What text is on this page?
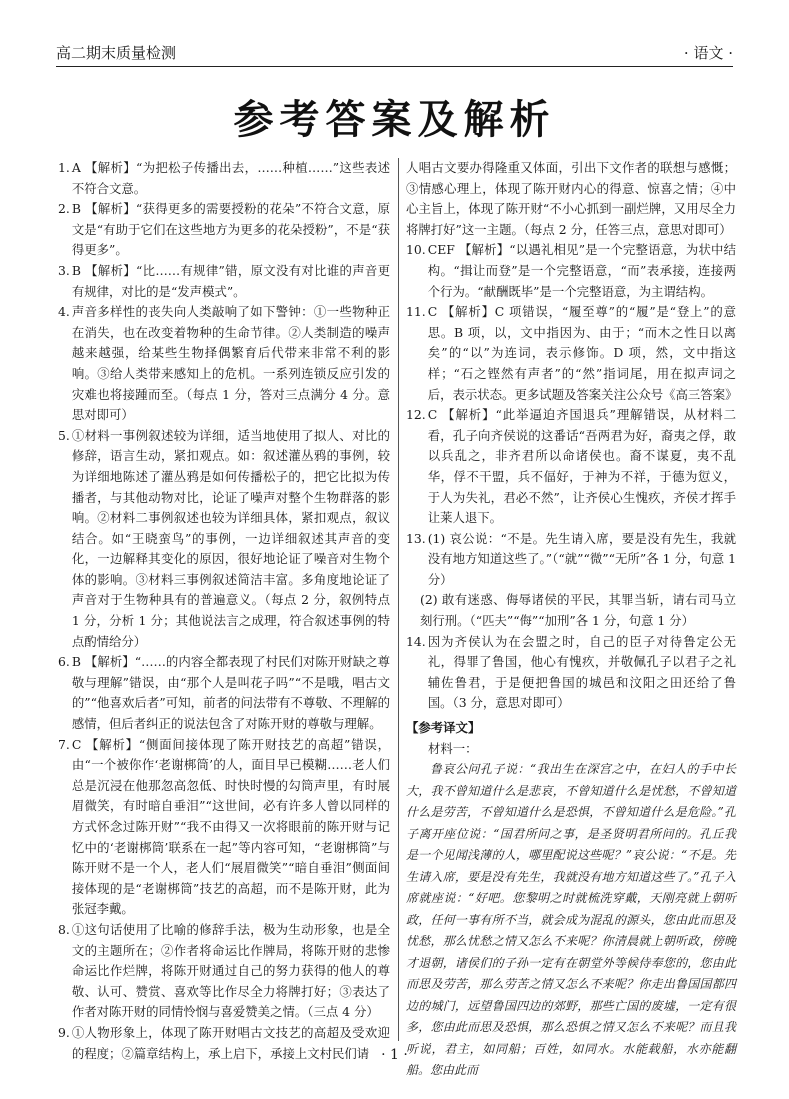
高二期末质量检测	· 语文 ·
参考答案及解析
1. A 【解析】“为把松子传播出去，……种植……”这些表述不符合文意。
2. B 【解析】“获得更多的需要授粉的花朵”不符合文意，原文是“有助于它们在这些地方为更多的花朵授粉”，不是“获得更多”。
3. B 【解析】“比……有规律”错，原文没有对比谁的声音更有规律，对比的是“发声模式”。
4. 声音多样性的丧失向人类敲响了如下警钟：①一些物种正在消失，也在改变着物种的生命节律。②人类制造的噪声越来越强，给某些生物择偶繁育后代带来非常不利的影响。③给人类带来感知上的危机。一系列连锁反应引发的灾难也将接踵而至。（每点 1 分，答对三点满分 4 分。意思对即可）
5. ①材料一事例叙述较为详细，适当地使用了拟人、对比的修辞，语言生动，紧扣观点。如：叙述灌丛鸦的事例，较为详细地陈述了灌丛鸦是如何传播松子的，把它比拟为传播者，与其他动物对比，论证了噪声对整个生物群落的影响。②材料二事例叙述也较为详细具体，紧扣观点，叙议结合。如“王晓蛮鸟”的事例，一边详细叙述其声音的变化，一边解释其变化的原因，很好地论证了噪音对生物个体的影响。③材料三事例叙述简洁丰富。多角度地论证了声音对于生物种具有的普遍意义。（每点 2 分，叙例特点 1 分，分析 1 分；其他说法言之成理，符合叙述事例的特点酌情给分）
6. B 【解析】“……的内容全都表现了村民们对陈开财缺之尊敬与理解”错误，由“那个人是叫花子吗”“不是哦，唱古文的”“他喜欢后者”可知，前者的问法带有不尊敬、不理解的感情，但后者纠正的说法包含了对陈开财的尊敬与理解。
7. C 【解析】“侧面间接体现了陈开财技艺的高超”错误，由“一个被你作‘老谢梆筒’的人，面目早已模糊……老人们总是沉浸在他那忽高忽低、时快时慢的勾筒声里，有时展眉微笑，有时暗自垂泪”“这世间，必有许多人曾以同样的方式怀念过陈开财”“我不由得又一次将眼前的陈开财与记忆中的‘老谢梆筒’联系在一起”等内容可知，“老谢梆筒”与陈开财不是一个人，老人们“展眉微笑”“暗自垂泪”侧面间接体现的是“老谢梆筒”技艺的高超，而不是陈开财，此为张冠李戴。
8. ①这句话使用了比喻的修辞手法，极为生动形象，也是全文的主题所在；②作者将命运比作牌局，将陈开财的悲惨命运比作烂牌，将陈开财通过自己的努力获得的他人的尊敬、认可、赞赏、喜欢等比作尽全力将牌打好；③表达了作者对陈开财的同情怜悯与喜爱赞美之情。（三点 4 分）
9. ①人物形象上，体现了陈开财唱古文技艺的高超及受欢迎的程度；②篇章结构上，承上启下，承接上文村民们请
人唱古文要办得隆重又体面，引出下文作者的联想与感慨；③情感心理上，体现了陈开财内心的得意、惊喜之情；④中心主旨上，体现了陈开财“不小心抓到一副烂牌，又用尽全力将牌打好”这一主题。（每点 2 分，任答三点，意思对即可）
10. CEF 【解析】“以遇礼相见”是一个完整语意，为状中结构。“揖让而登”是一个完整语意，“而”表承接，连接两个行为。“献酬既毕”是一个完整语意，为主谓结构。
11. C 【解析】C 项错误，“履至尊”的“履”是“登上”的意思。B 项，以，文中指因为、由于；“而木之性日以离矣”的“以”为连词，表示修饰。D 项，然，文中指这样；“石之铿然有声者”的“然”指词尾，用在拟声词之后，表示状态。更多试题及答案关注公众号《高三答案》
12. C 【解析】“此举逼迫齐国退兵”理解错误，从材料二看，孔子向齐侯说的这番话“吾两君为好，裔夷之俘，敢以兵乱之，非齐君所以命诸侯也。裔不谋夏，夷不乱华，俘不干盟，兵不偪好，于神为不祥，于德为愆义，于人为失礼，君必不然”，让齐侯心生愧疚，齐侯才挥手让莱人退下。
13. (1) 哀公说：“不是。先生请入席，要是没有先生，我就没有地方知道这些了。”（“就”“微”“无所”各 1 分，句意 1 分）
(2) 敢有迷惑、侮辱诸侯的平民，其罪当斩，请右司马立刻行刑。（“匹夫”“侮”“加刑”各 1 分，句意 1 分）
14. 因为齐侯认为在会盟之时，自己的臣子对待鲁定公无礼，得罪了鲁国，他心有愧疚，并敬佩孔子以君子之礼辅佐鲁君，于是便把鲁国的城邑和汶阳之田还给了鲁国。（3 分，意思对即可）
【参考译文】
材料一：
鲁哀公问孔子说：“我出生在深宫之中，在妇人的手中长大，我不曾知道什么是悲哀，不曾知道什么是忧愁，不曾知道什么是劳苦，不曾知道什么是恐惧，不曾知道什么是危险。”孔子离开座位说：“国君所问之事，是圣贤明君所问的。孔丘我是一个见闻浅薄的人，哪里配说这些呢？”哀公说：“不是。先生请入席，要是没有先生，我就没有地方知道这些了。”孔子入席就座说：“好吧。您黎明之时就梳洗穿戴，天刚亮就上朝听政，任何一事有所不当，就会成为混乱的源头，您由此而思及忧愁，那么忧愁之情又怎么不来呢？你清晨就上朝听政，傍晚才退朝，诸侯们的子孙一定有在朝堂外等候侍奉您的，您由此而思及劳苦，那么劳苦之情又怎么不来呢？你走出鲁国国都四边的城门，远望鲁国四边的郊野，那些亡国的废墟，一定有很多，您由此而思及恐惧，那么恐惧之情又怎么不来呢？而且我听说，君主，如同船；百姓，如同水。水能载船，水亦能翻船。您由此而
· 1 ·
